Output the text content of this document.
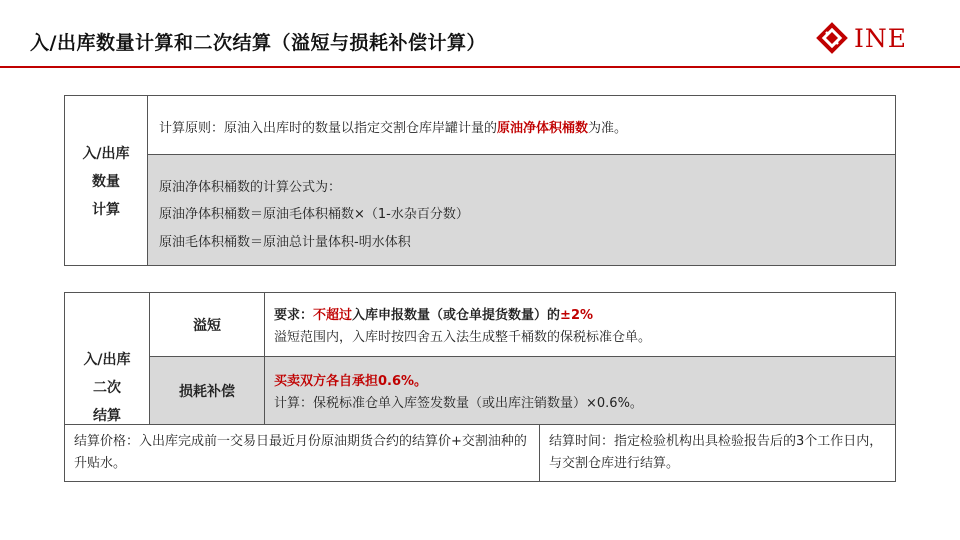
入/出库数量计算和二次结算（溢短与损耗补偿计算）	INE
入/出库
数量
计算
计算原则：原油入出库时的数量以指定交割仓库岸罐计量的原油净体积桶数为准。
原油净体积桶数的计算公式为：
原油净体积桶数＝原油毛体积桶数×（1-水杂百分数）
原油毛体积桶数＝原油总计量体积-明水体积
入/出库
二次
结算
溢短
要求：不超过入库申报数量（或仓单提货数量）的±2%
溢短范围内，入库时按四舍五入法生成整千桶数的保税标准仓单。
损耗补偿
买卖双方各自承担0.6%。
计算：保税标准仓单入库签发数量（或出库注销数量）×0.6%。
结算价格：入出库完成前一交易日最近月份原油期货合约的结算价+交割油种的升贴水。
结算时间：指定检验机构出具检验报告后的3个工作日内，与交割仓库进行结算。
